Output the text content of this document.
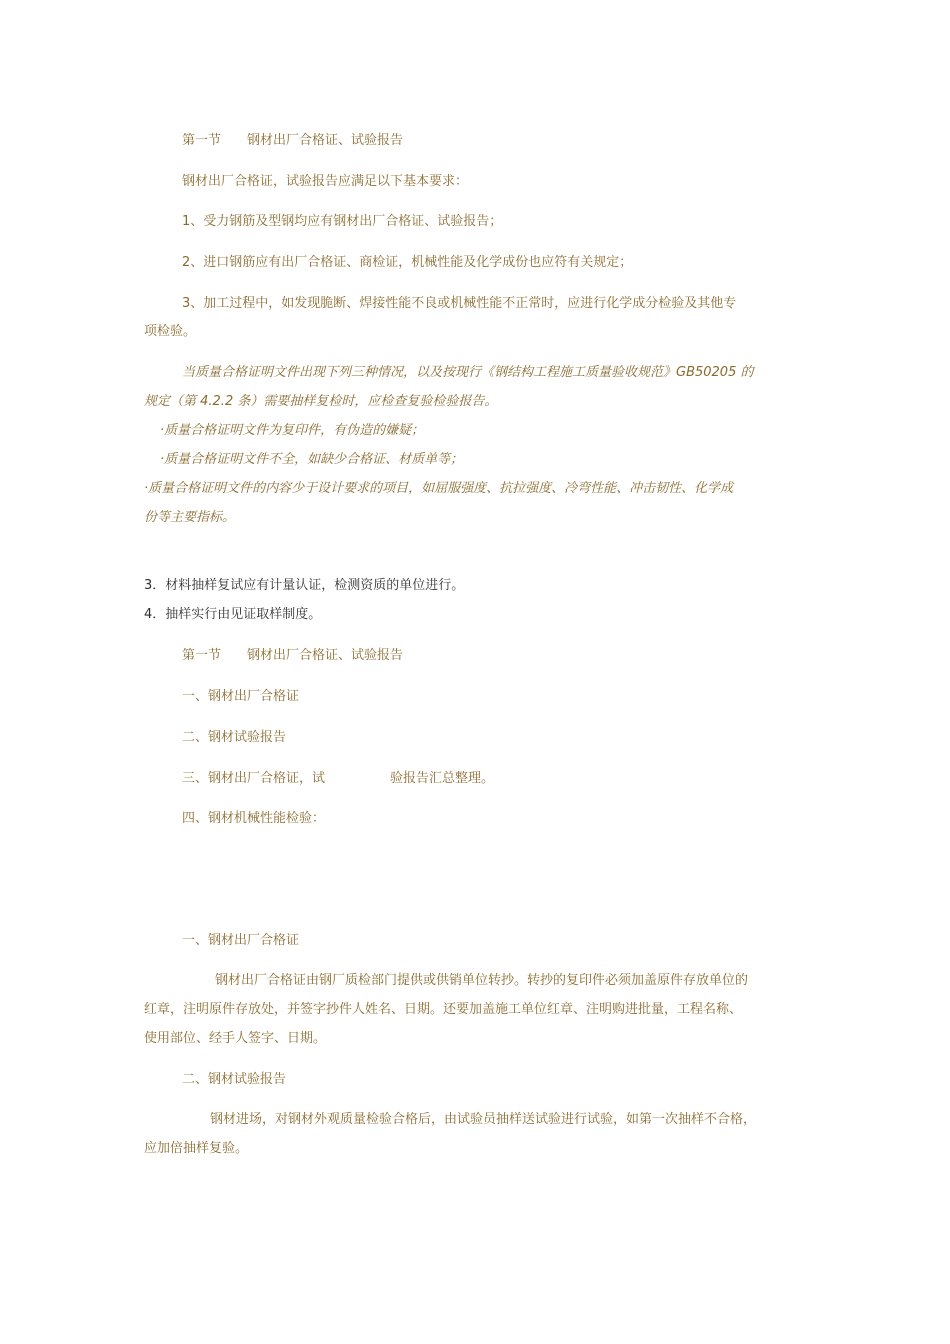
第一节　　钢材出厂合格证、试验报告
钢材出厂合格证，试验报告应满足以下基本要求：
1、受力钢筋及型钢均应有钢材出厂合格证、试验报告；
2、进口钢筋应有出厂合格证、商检证，机械性能及化学成份也应符有关规定；
3、加工过程中，如发现脆断、焊接性能不良或机械性能不正常时，应进行化学成分检验及其他专
项检验。
当质量合格证明文件出现下列三种情况，以及按现行《钢结构工程施工质量验收规范》GB50205 的
规定（第 4.2.2 条）需要抽样复检时，应检查复验检验报告。
·质量合格证明文件为复印件，有伪造的嫌疑；
·质量合格证明文件不全，如缺少合格证、材质单等；
·质量合格证明文件的内容少于设计要求的项目，如屈服强度、抗拉强度、冷弯性能、冲击韧性、化学成
份等主要指标。
3．材料抽样复试应有计量认证，检测资质的单位进行。
4．抽样实行由见证取样制度。
第一节　　钢材出厂合格证、试验报告
一、钢材出厂合格证
二、钢材试验报告
三、钢材出厂合格证，试	验报告汇总整理。
四、钢材机械性能检验：
一、钢材出厂合格证
钢材出厂合格证由钢厂质检部门提供或供销单位转抄。转抄的复印件必须加盖原件存放单位的
红章，注明原件存放处，并签字抄件人姓名、日期。还要加盖施工单位红章、注明购进批量，工程名称、
使用部位、经手人签字、日期。
二、钢材试验报告
钢材进场，对钢材外观质量检验合格后，由试验员抽样送试验进行试验，如第一次抽样不合格，
应加倍抽样复验。
